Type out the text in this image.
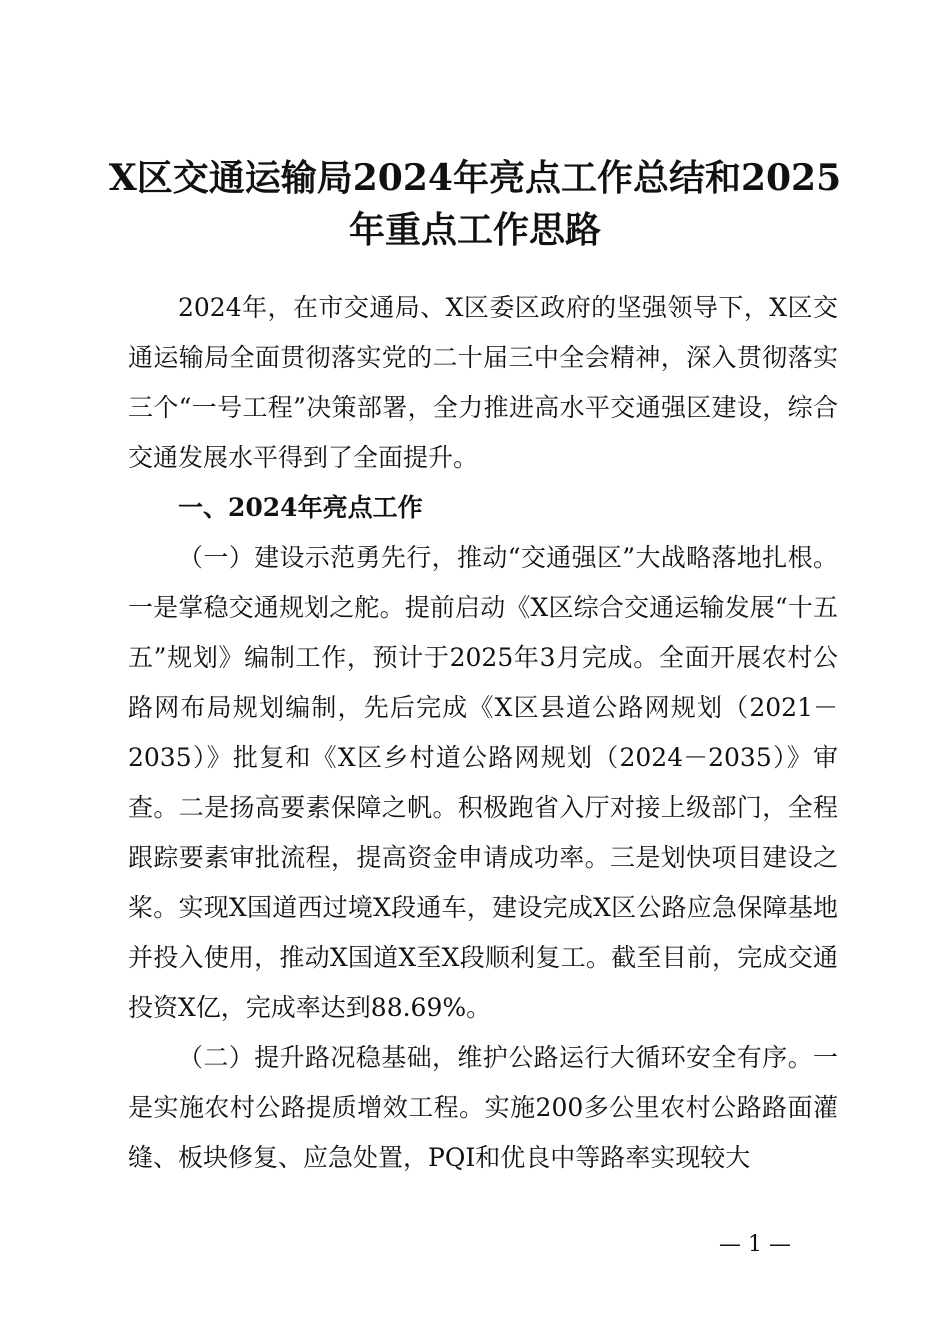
X区交通运输局2024年亮点工作总结和2025
年重点工作思路

2024年，在市交通局、X区委区政府的坚强领导下，X区交通运输局全面贯彻落实党的二十届三中全会精神，深入贯彻落实三个“一号工程”决策部署，全力推进高水平交通强区建设，综合交通发展水平得到了全面提升。

一、2024年亮点工作

（一）建设示范勇先行，推动“交通强区”大战略落地扎根。一是掌稳交通规划之舵。提前启动《X区综合交通运输发展“十五五”规划》编制工作，预计于2025年3月完成。全面开展农村公路网布局规划编制，先后完成《X区县道公路网规划（2021－2035）》批复和《X区乡村道公路网规划（2024－2035）》审查。二是扬高要素保障之帆。积极跑省入厅对接上级部门，全程跟踪要素审批流程，提高资金申请成功率。三是划快项目建设之桨。实现X国道西过境X段通车，建设完成X区公路应急保障基地并投入使用，推动X国道X至X段顺利复工。截至目前，完成交通投资X亿，完成率达到88.69%。

（二）提升路况稳基础，维护公路运行大循环安全有序。一是实施农村公路提质增效工程。实施200多公里农村公路路面灌缝、板块修复、应急处置，PQI和优良中等路率实现较大

— 1 —
